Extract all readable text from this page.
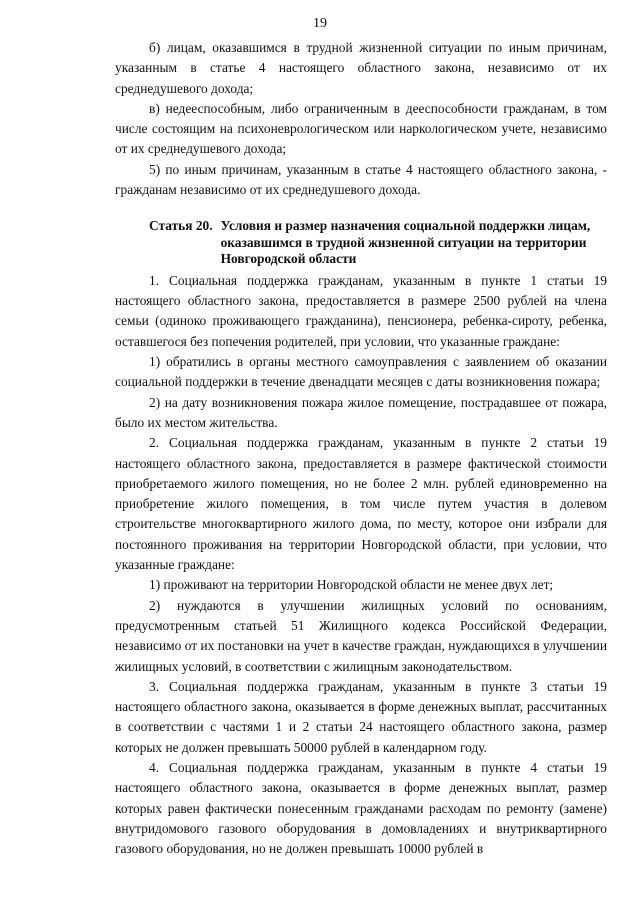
19

б) лицам, оказавшимся в трудной жизненной ситуации по иным причинам, указанным в статье 4 настоящего областного закона, независимо от их среднедушевого дохода;

в) недееспособным, либо ограниченным в дееспособности гражданам, в том числе состоящим на психоневрологическом или наркологическом учете, независимо от их среднедушевого дохода;

5) по иным причинам, указанным в статье 4 настоящего областного закона, - гражданам независимо от их среднедушевого дохода.

Статья 20. Условия и размер назначения социальной поддержки лицам, оказавшимся в трудной жизненной ситуации на территории Новгородской области

1. Социальная поддержка гражданам, указанным в пункте 1 статьи 19 настоящего областного закона, предоставляется в размере 2500 рублей на члена семьи (одиноко проживающего гражданина), пенсионера, ребенка-сироту, ребенка, оставшегося без попечения родителей, при условии, что указанные граждане:

1) обратились в органы местного самоуправления с заявлением об оказании социальной поддержки в течение двенадцати месяцев с даты возникновения пожара;

2) на дату возникновения пожара жилое помещение, пострадавшее от пожара, было их местом жительства.

2. Социальная поддержка гражданам, указанным в пункте 2 статьи 19 настоящего областного закона, предоставляется в размере фактической стоимости приобретаемого жилого помещения, но не более 2 млн. рублей единовременно на приобретение жилого помещения, в том числе путем участия в долевом строительстве многоквартирного жилого дома, по месту, которое они избрали для постоянного проживания на территории Новгородской области, при условии, что указанные граждане:

1) проживают на территории Новгородской области не менее двух лет;

2) нуждаются в улучшении жилищных условий по основаниям, предусмотренным статьей 51 Жилищного кодекса Российской Федерации, независимо от их постановки на учет в качестве граждан, нуждающихся в улучшении жилищных условий, в соответствии с жилищным законодательством.

3. Социальная поддержка гражданам, указанным в пункте 3 статьи 19 настоящего областного закона, оказывается в форме денежных выплат, рассчитанных в соответствии с частями 1 и 2 статьи 24 настоящего областного закона, размер которых не должен превышать 50000 рублей в календарном году.

4. Социальная поддержка гражданам, указанным в пункте 4 статьи 19 настоящего областного закона, оказывается в форме денежных выплат, размер которых равен фактически понесенным гражданами расходам по ремонту (замене) внутридомового газового оборудования в домовладениях и внутриквартирного газового оборудования, но не должен превышать 10000 рублей в
